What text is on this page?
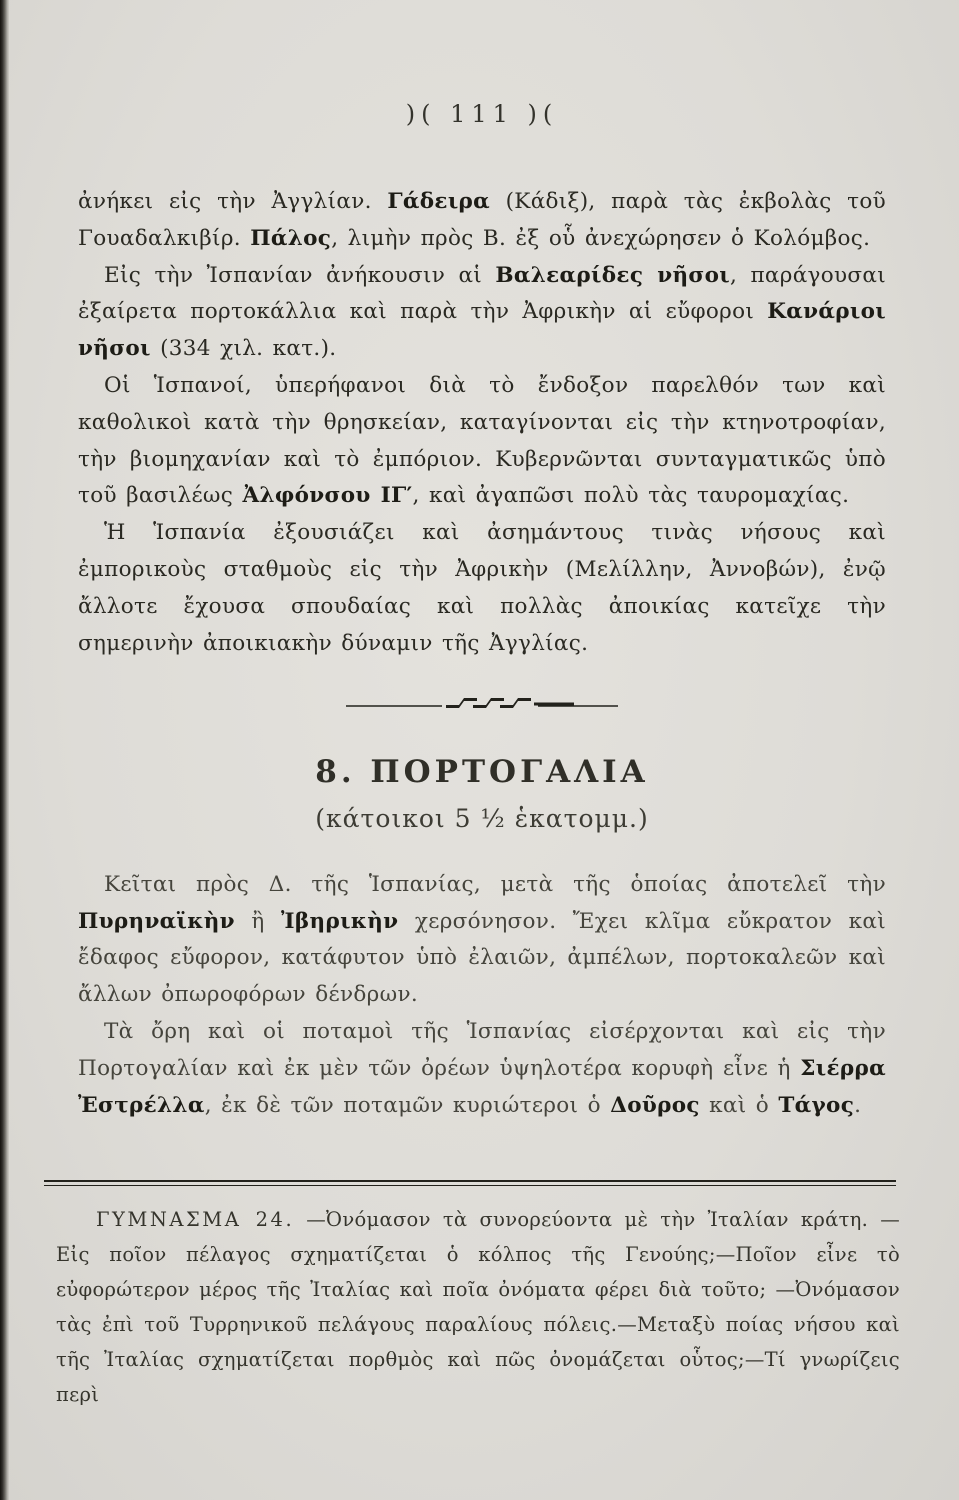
)( 111 )(

ἀνήκει εἰς τὴν Ἀγγλίαν. Γάδειρα (Κάδιξ), παρὰ τὰς ἐκβολὰς τοῦ Γουαδαλκιβίρ. Πάλος, λιμὴν πρὸς Β. ἐξ οὗ ἀνεχώρησεν ὁ Κολόμβος.

Εἰς τὴν Ἰσπανίαν ἀνήκουσιν αἱ Βαλεαρίδες νῆσοι, παράγουσαι ἐξαίρετα πορτοκάλλια καὶ παρὰ τὴν Ἀφρικὴν αἱ εὔφοροι Κανάριοι νῆσοι (334 χιλ. κατ.).

Οἱ Ἱσπανοί, ὑπερήφανοι διὰ τὸ ἔνδοξον παρελθόν των καὶ καθολικοὶ κατὰ τὴν θρησκείαν, καταγίνονται εἰς τὴν κτηνοτροφίαν, τὴν βιομηχανίαν καὶ τὸ ἐμπόριον. Κυβερνῶνται συνταγματικῶς ὑπὸ τοῦ βασιλέως Ἀλφόνσου ΙΓ′, καὶ ἀγαπῶσι πολὺ τὰς ταυρομαχίας.

Ἡ Ἱσπανία ἐξουσιάζει καὶ ἀσημάντους τινὰς νήσους καὶ ἐμπορικοὺς σταθμοὺς εἰς τὴν Ἀφρικὴν (Μελίλλην, Ἀννοβών), ἐνῷ ἄλλοτε ἔχουσα σπουδαίας καὶ πολλὰς ἀποικίας κατεῖχε τὴν σημερινὴν ἀποικιακὴν δύναμιν τῆς Ἀγγλίας.

8. ΠΟΡΤΟΓΑΛΙΑ
(κάτοικοι 5 ½ ἑκατομμ.)

Κεῖται πρὸς Δ. τῆς Ἱσπανίας, μετὰ τῆς ὁποίας ἀποτελεῖ τὴν Πυρηναϊκὴν ἢ Ἰβηρικὴν χερσόνησον. Ἔχει κλῖμα εὔκρατον καὶ ἔδαφος εὔφορον, κατάφυτον ὑπὸ ἐλαιῶν, ἀμπέλων, πορτοκαλεῶν καὶ ἄλλων ὀπωροφόρων δένδρων.

Τὰ ὄρη καὶ οἱ ποταμοὶ τῆς Ἱσπανίας εἰσέρχονται καὶ εἰς τὴν Πορτογαλίαν καὶ ἐκ μὲν τῶν ὀρέων ὑψηλοτέρα κορυφὴ εἶνε ἡ Σιέρρα Ἐστρέλλα, ἐκ δὲ τῶν ποταμῶν κυριώτεροι ὁ Δοῦρος καὶ ὁ Τάγος.

ΓΥΜΝΑΣΜΑ 24. —Ὀνόμασον τὰ συνορεύοντα μὲ τὴν Ἰταλίαν κράτη. —Εἰς ποῖον πέλαγος σχηματίζεται ὁ κόλπος τῆς Γενούης;—Ποῖον εἶνε τὸ εὐφορώτερον μέρος τῆς Ἰταλίας καὶ ποῖα ὀνόματα φέρει διὰ τοῦτο; —Ὀνόμασον τὰς ἐπὶ τοῦ Τυρρηνικοῦ πελάγους παραλίους πόλεις.—Μεταξὺ ποίας νήσου καὶ τῆς Ἰταλίας σχηματίζεται πορθμὸς καὶ πῶς ὀνομάζεται οὗτος;—Τί γνωρίζεις περὶ
